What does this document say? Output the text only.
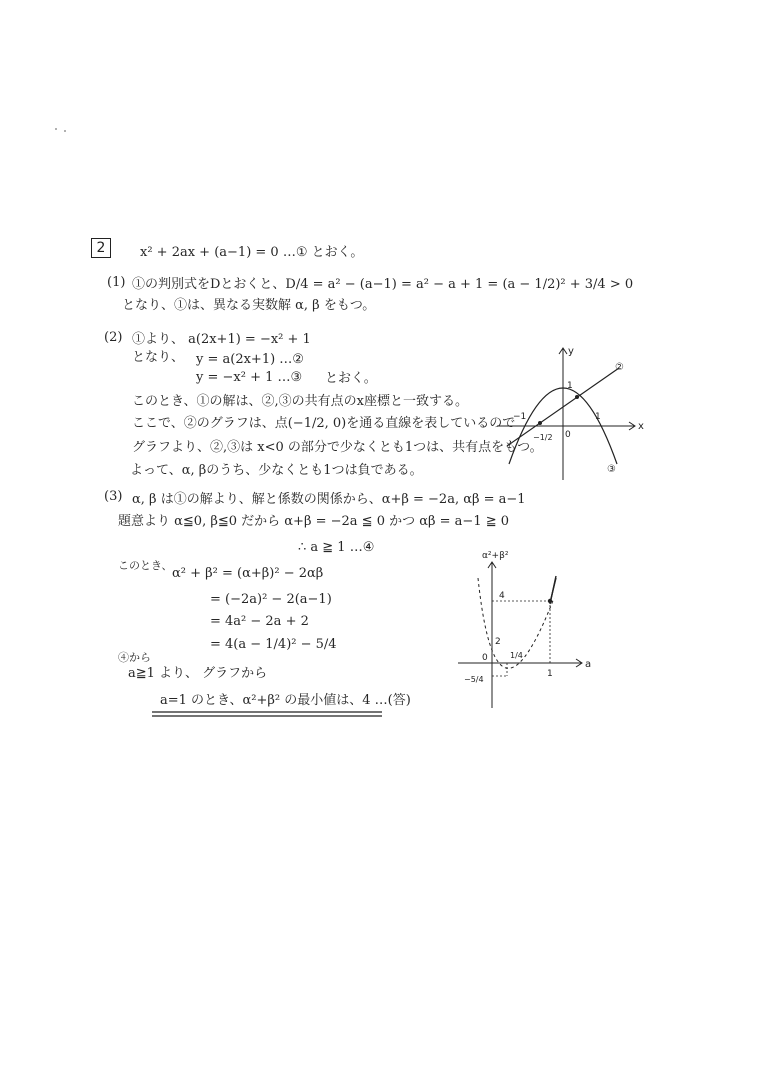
2	x² + 2ax + (a−1) = 0 …① とおく。
(1) ①の判別式をDとおくと、D/4 = a² − (a−1) = a² − a + 1 = (a − 1/2)² + 3/4 > 0
となり、①は、異なる実数解 α, β をもつ。
(2) ①より、 a(2x+1) = −x² + 1
となり、 y = a(2x+1) …②
y = −x² + 1 …③ とおく。
このとき、①の解は、②,③の共有点のx座標と一致する。
ここで、②のグラフは、点(−1/2, 0)を通る直線を表しているので
グラフより、②,③は x<0 の部分で少なくとも1つは、共有点をもつ。
よって、α, βのうち、少なくとも1つは負である。
y
x
1
−1	1
−1/2 0
②
③
(3) α, β は①の解より、解と係数の関係から、α+β = −2a, αβ = a−1
題意より α≦0, β≦0 だから α+β = −2a ≦ 0 かつ αβ = a−1 ≧ 0
∴ a ≧ 1 …④
このとき、
α² + β² = (α+β)² − 2αβ
= (−2a)² − 2(a−1)
= 4a² − 2a + 2
= 4(a − 1/4)² − 5/4
④から
a≧1 より、 グラフから
a=1 のとき、α²+β² の最小値は、4 …(答)
α²+β²
a
4
2
1/4
−5/4
1
0
